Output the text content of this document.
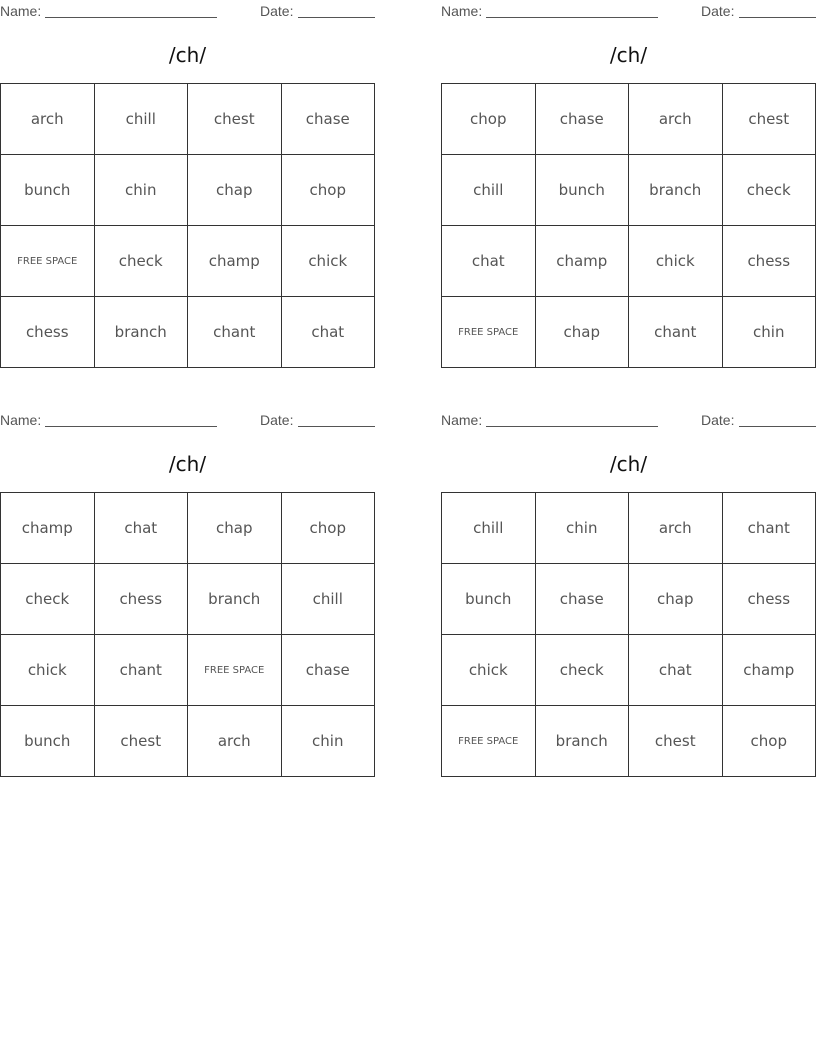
Name:	Date:
/ch/
arch	chill	chest	chase
bunch	chin	chap	chop
FREE SPACE	check	champ	chick
chess	branch	chant	chat
Name:	Date:
/ch/
chop	chase	arch	chest
chill	bunch	branch	check
chat	champ	chick	chess
FREE SPACE	chap	chant	chin
Name:	Date:
/ch/
champ	chat	chap	chop
check	chess	branch	chill
chick	chant	FREE SPACE	chase
bunch	chest	arch	chin
Name:	Date:
/ch/
chill	chin	arch	chant
bunch	chase	chap	chess
chick	check	chat	champ
FREE SPACE	branch	chest	chop
